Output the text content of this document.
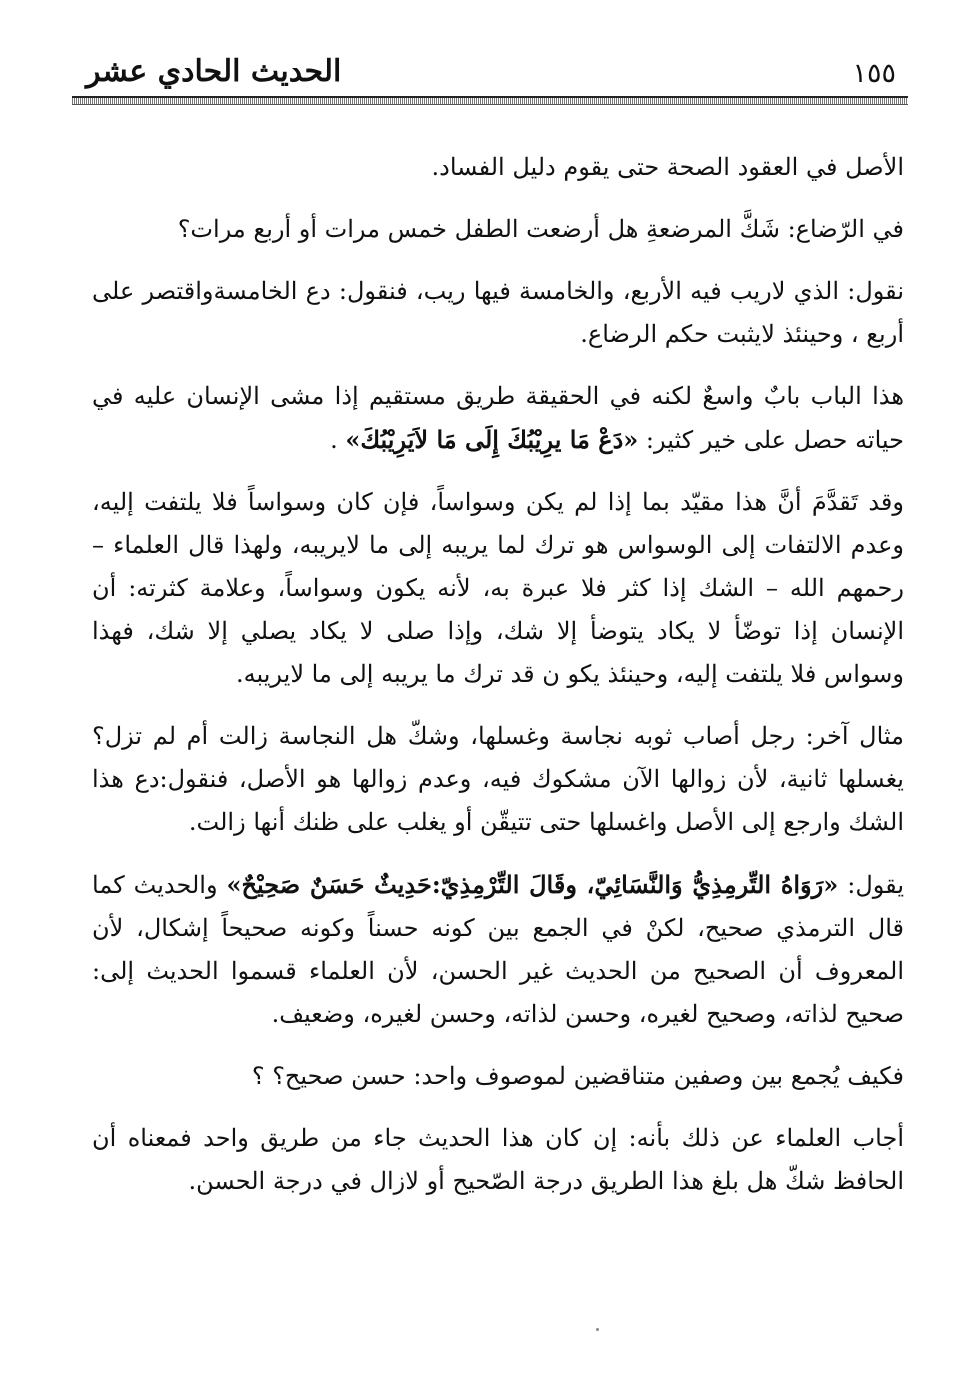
الحديث الحادي عشر	١٥٥

الأصل في العقود الصحة حتى يقوم دليل الفساد.

في الرّضاع: شَكَّ المرضعةِ هل أرضعت الطفل خمس مرات أو أربع مرات؟

نقول: الذي لاريب فيه الأربع، والخامسة فيها ريب، فنقول: دع الخامسةواقتصر على أربع ، وحينئذ لايثبت حكم الرضاع.

هذا الباب بابٌ واسعٌ لكنه في الحقيقة طريق مستقيم إذا مشى الإنسان عليه في حياته حصل على خير كثير: «دَعْ مَا يرِيْبُكَ إِلَى مَا لاَيَرِيْبُكَ» .

وقد تَقدَّمَ أنَّ هذا مقيّد بما إذا لم يكن وسواساً، فإن كان وسواساً فلا يلتفت إليه، وعدم الالتفات إلى الوسواس هو ترك لما يريبه إلى ما لايريبه، ولهذا قال العلماء – رحمهم الله – الشك إذا كثر فلا عبرة به، لأنه يكون وسواساً، وعلامة كثرته: أن الإنسان إذا توضّأ لا يكاد يتوضأ إلا شك، وإذا صلى لا يكاد يصلي إلا شك، فهذا وسواس فلا يلتفت إليه، وحينئذ يكو ن قد ترك ما يريبه إلى ما لايريبه.

مثال آخر: رجل أصاب ثوبه نجاسة وغسلها، وشكّ هل النجاسة زالت أم لم تزل؟ يغسلها ثانية، لأن زوالها الآن مشكوك فيه، وعدم زوالها هو الأصل، فنقول:دع هذا الشك وارجع إلى الأصل واغسلها حتى تتيقّن أو يغلب على ظنك أنها زالت.

يقول: «رَوَاهُ التِّرمِذِيُّ وَالنَّسَائِيّ، وقَالَ التِّرْمِذِيّ:حَدِيثٌ حَسَنٌ صَحِيْحٌ» والحديث كما قال الترمذي صحيح، لكنْ في الجمع بين كونه حسناً وكونه صحيحاً إشكال، لأن المعروف أن الصحيح من الحديث غير الحسن، لأن العلماء قسموا الحديث إلى: صحيح لذاته، وصحيح لغيره، وحسن لذاته، وحسن لغيره، وضعيف.

فكيف يُجمع بين وصفين متناقضين لموصوف واحد: حسن صحيح؟ ؟

أجاب العلماء عن ذلك بأنه: إن كان هذا الحديث جاء من طريق واحد فمعناه أن الحافظ شكّ هل بلغ هذا الطريق درجة الصّحيح أو لازال في درجة الحسن.
